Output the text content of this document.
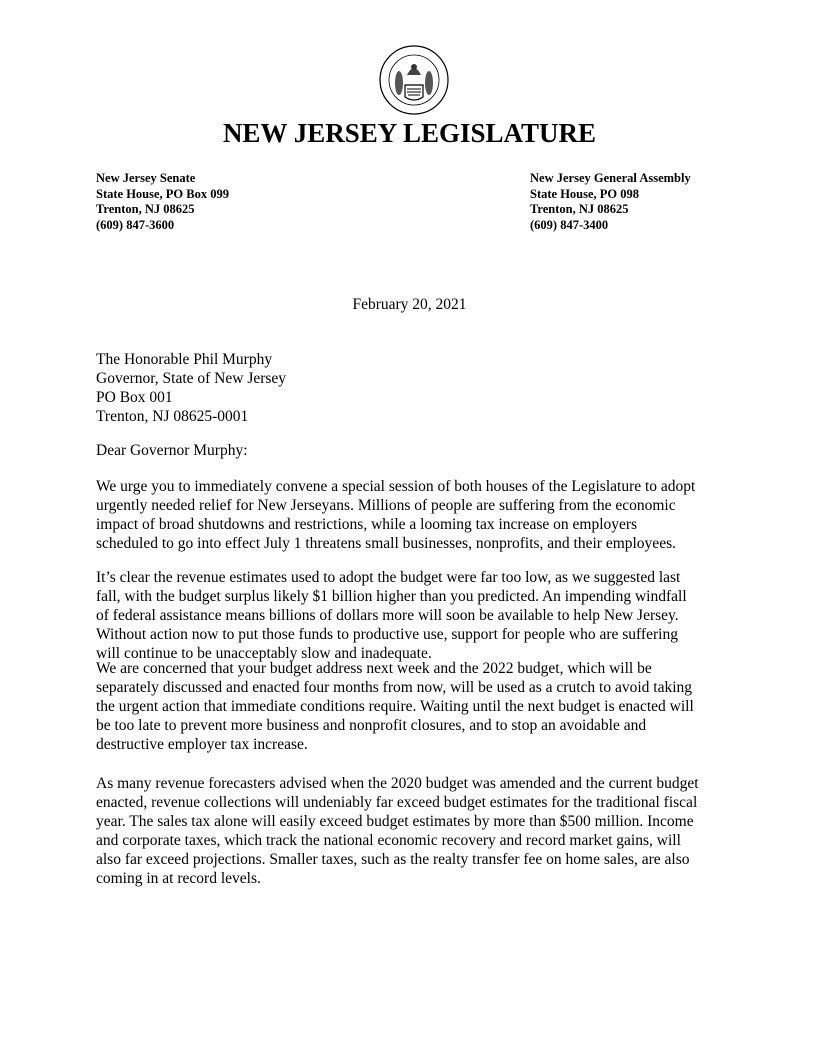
NEW JERSEY LEGISLATURE
New Jersey Senate
State House, PO Box 099
Trenton, NJ 08625
(609) 847-3600
New Jersey General Assembly
State House, PO 098
Trenton, NJ 08625
(609) 847-3400
February 20, 2021
The Honorable Phil Murphy
Governor, State of New Jersey
PO Box 001
Trenton, NJ 08625-0001
Dear Governor Murphy:
We urge you to immediately convene a special session of both houses of the Legislature to adopt
urgently needed relief for New Jerseyans. Millions of people are suffering from the economic
impact of broad shutdowns and restrictions, while a looming tax increase on employers
scheduled to go into effect July 1 threatens small businesses, nonprofits, and their employees.
It’s clear the revenue estimates used to adopt the budget were far too low, as we suggested last
fall, with the budget surplus likely $1 billion higher than you predicted. An impending windfall
of federal assistance means billions of dollars more will soon be available to help New Jersey.
Without action now to put those funds to productive use, support for people who are suffering
will continue to be unacceptably slow and inadequate.
We are concerned that your budget address next week and the 2022 budget, which will be
separately discussed and enacted four months from now, will be used as a crutch to avoid taking
the urgent action that immediate conditions require. Waiting until the next budget is enacted will
be too late to prevent more business and nonprofit closures, and to stop an avoidable and
destructive employer tax increase.
As many revenue forecasters advised when the 2020 budget was amended and the current budget
enacted, revenue collections will undeniably far exceed budget estimates for the traditional fiscal
year. The sales tax alone will easily exceed budget estimates by more than $500 million. Income
and corporate taxes, which track the national economic recovery and record market gains, will
also far exceed projections. Smaller taxes, such as the realty transfer fee on home sales, are also
coming in at record levels.
